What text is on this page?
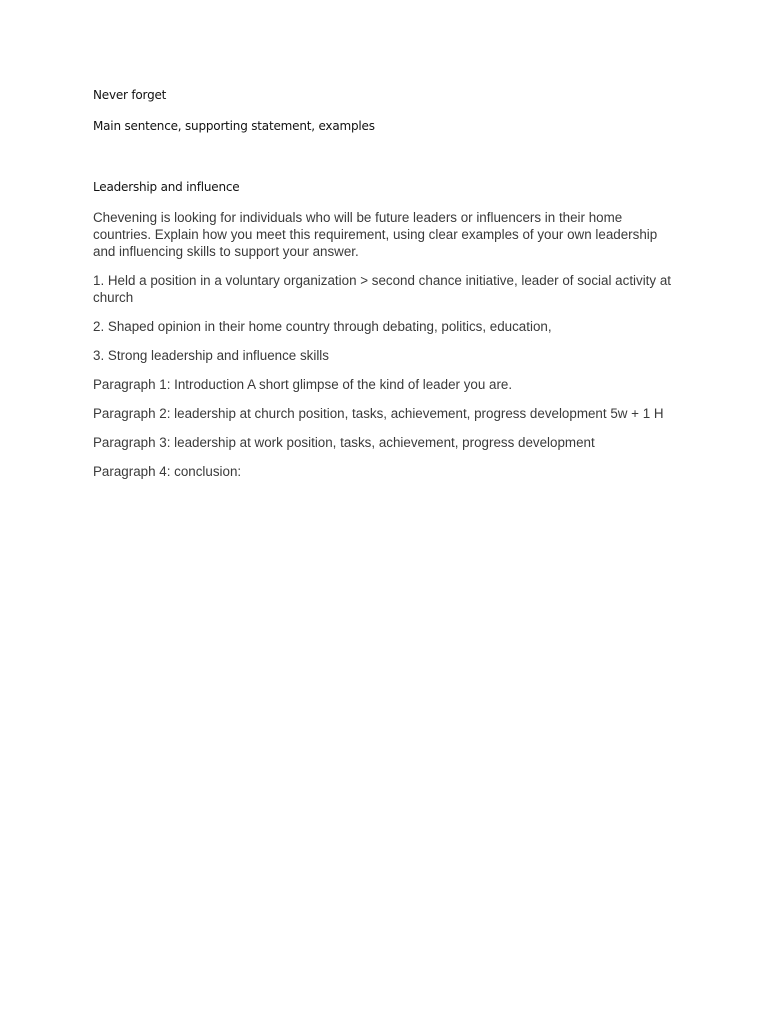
Never forget
Main sentence, supporting statement, examples
Leadership and influence
Chevening is looking for individuals who will be future leaders or influencers in their home countries. Explain how you meet this requirement, using clear examples of your own leadership and influencing skills to support your answer.
1. Held a position in a voluntary organization > second chance initiative, leader of social activity at church
2. Shaped opinion in their home country through debating, politics, education,
3. Strong leadership and influence skills
Paragraph 1: Introduction A short glimpse of the kind of leader you are.
Paragraph 2: leadership at church position, tasks, achievement, progress development 5w + 1 H
Paragraph 3: leadership at work position, tasks, achievement, progress development
Paragraph 4: conclusion:
